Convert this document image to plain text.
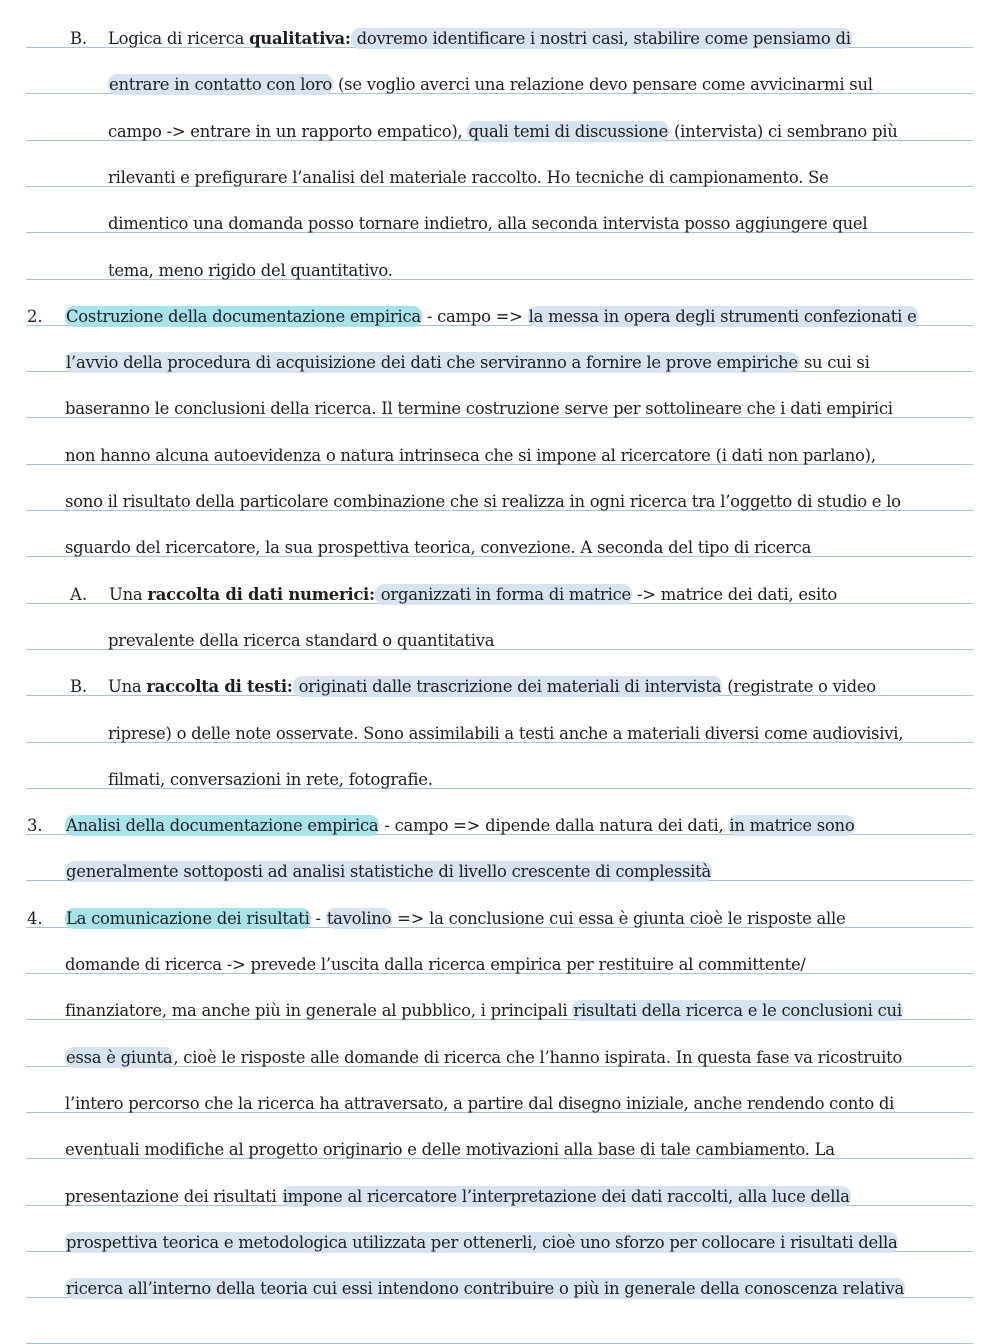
B. Logica di ricerca qualitativa: dovremo identificare i nostri casi, stabilire come pensiamo di
entrare in contatto con loro (se voglio averci una relazione devo pensare come avvicinarmi sul
campo -> entrare in un rapporto empatico), quali temi di discussione (intervista) ci sembrano più
rilevanti e prefigurare l’analisi del materiale raccolto. Ho tecniche di campionamento. Se
dimentico una domanda posso tornare indietro, alla seconda intervista posso aggiungere quel
tema, meno rigido del quantitativo.
2. Costruzione della documentazione empirica - campo => la messa in opera degli strumenti confezionati e
l’avvio della procedura di acquisizione dei dati che serviranno a fornire le prove empiriche su cui si
baseranno le conclusioni della ricerca. Il termine costruzione serve per sottolineare che i dati empirici
non hanno alcuna autoevidenza o natura intrinseca che si impone al ricercatore (i dati non parlano),
sono il risultato della particolare combinazione che si realizza in ogni ricerca tra l’oggetto di studio e lo
sguardo del ricercatore, la sua prospettiva teorica, convezione. A seconda del tipo di ricerca
A. Una raccolta di dati numerici: organizzati in forma di matrice -> matrice dei dati, esito
prevalente della ricerca standard o quantitativa
B. Una raccolta di testi: originati dalle trascrizione dei materiali di intervista (registrate o video
riprese) o delle note osservate. Sono assimilabili a testi anche a materiali diversi come audiovisivi,
filmati, conversazioni in rete, fotografie.
3. Analisi della documentazione empirica - campo => dipende dalla natura dei dati, in matrice sono
generalmente sottoposti ad analisi statistiche di livello crescente di complessità
4. La comunicazione dei risultati - tavolino => la conclusione cui essa è giunta cioè le risposte alle
domande di ricerca -> prevede l’uscita dalla ricerca empirica per restituire al committente/
finanziatore, ma anche più in generale al pubblico, i principali risultati della ricerca e le conclusioni cui
essa è giunta, cioè le risposte alle domande di ricerca che l’hanno ispirata. In questa fase va ricostruito
l’intero percorso che la ricerca ha attraversato, a partire dal disegno iniziale, anche rendendo conto di
eventuali modifiche al progetto originario e delle motivazioni alla base di tale cambiamento. La
presentazione dei risultati impone al ricercatore l’interpretazione dei dati raccolti, alla luce della
prospettiva teorica e metodologica utilizzata per ottenerli, cioè uno sforzo per collocare i risultati della
ricerca all’interno della teoria cui essi intendono contribuire o più in generale della conoscenza relativa
